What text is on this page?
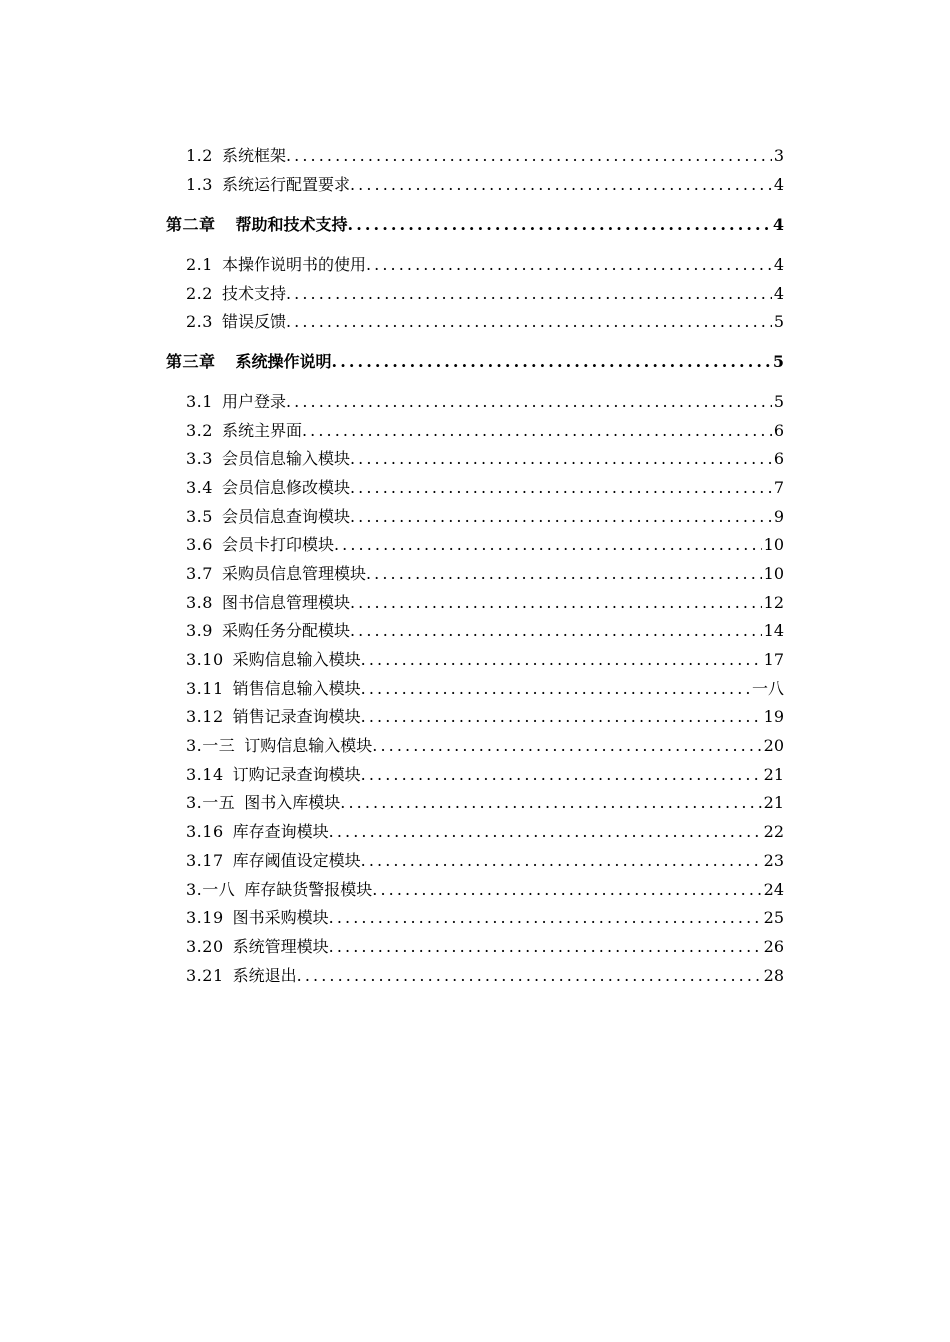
1.2 系统框架 .....	3
1.3 系统运行配置要求 .....	4
第二章 帮助和技术支持 .....	4
2.1 本操作说明书的使用 .....	4
2.2 技术支持 .....	4
2.3 错误反馈 .....	5
第三章 系统操作说明 .....	5
3.1 用户登录 .....	5
3.2 系统主界面 .....	6
3.3 会员信息输入模块 .....	6
3.4 会员信息修改模块 .....	7
3.5 会员信息查询模块 .....	9
3.6 会员卡打印模块 .....	10
3.7 采购员信息管理模块 .....	10
3.8 图书信息管理模块 .....	12
3.9 采购任务分配模块 .....	14
3.10 采购信息输入模块 .....	17
3.11 销售信息输入模块 .....	一八
3.12 销售记录查询模块 .....	19
3.一三 订购信息输入模块 .....	20
3.14 订购记录查询模块 .....	21
3.一五 图书入库模块 .....	21
3.16 库存查询模块 .....	22
3.17 库存阈值设定模块 .....	23
3.一八 库存缺货警报模块 .....	24
3.19 图书采购模块 .....	25
3.20 系统管理模块 .....	26
3.21 系统退出 .....	28
